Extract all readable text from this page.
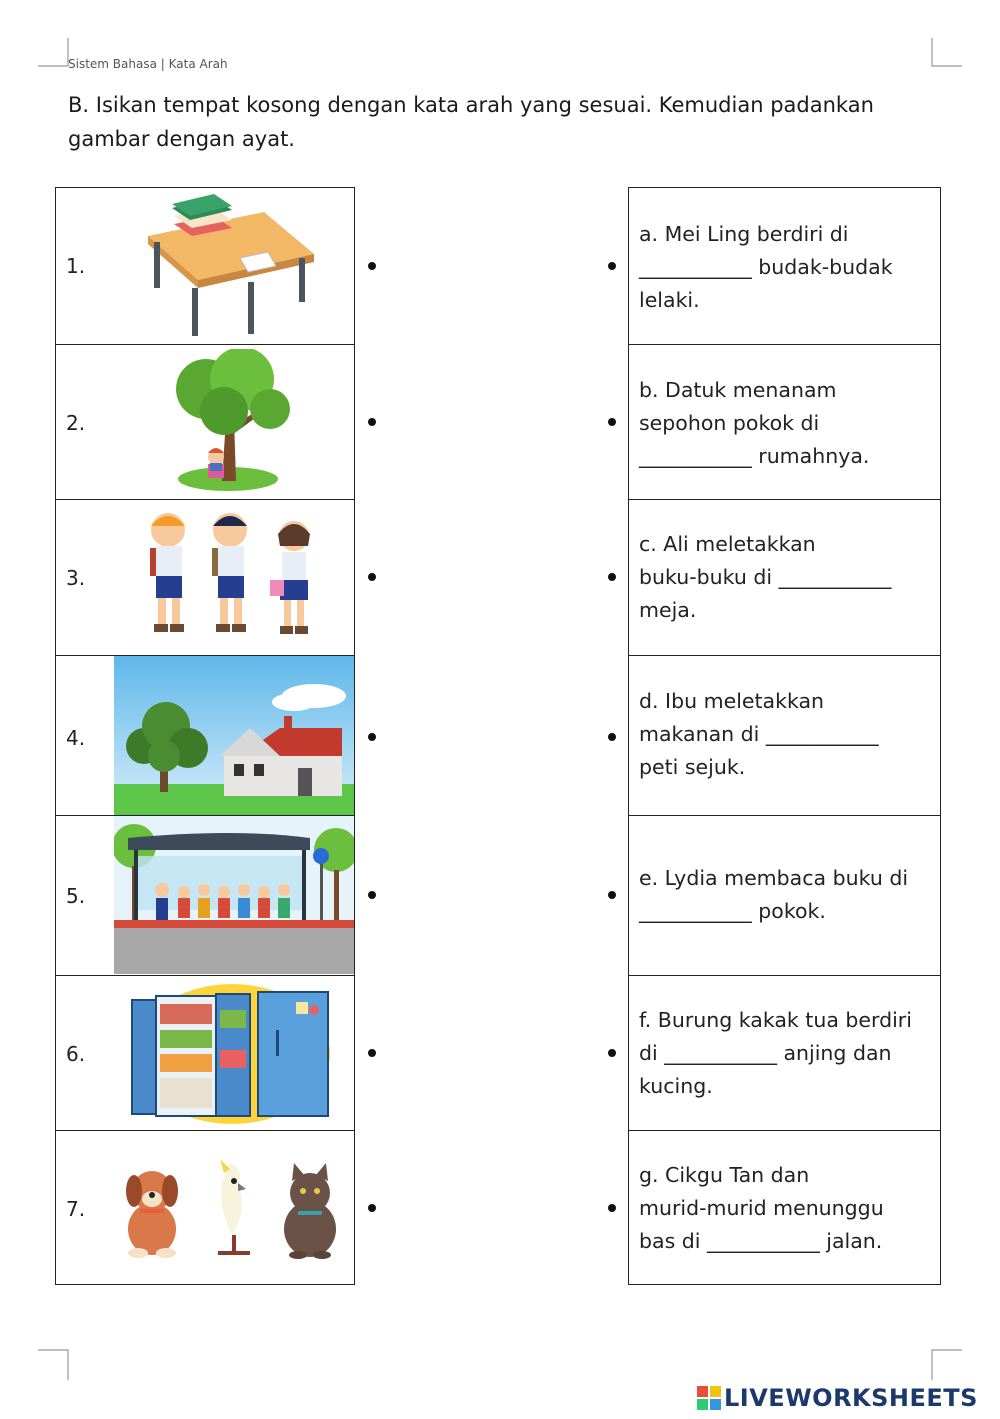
Sistem Bahasa | Kata Arah
B. Isikan tempat kosong dengan kata arah yang sesuai. Kemudian padankan gambar dengan ayat.
1.
2.
3.
4.
5.
6.
7.
a. Mei Ling berdiri di
___________ budak-budak
lelaki.
b. Datuk menanam
sepohon pokok di
___________ rumahnya.
c. Ali meletakkan
buku-buku di ___________
meja.
d. Ibu meletakkan
makanan di ___________
peti sejuk.
e. Lydia membaca buku di
___________ pokok.
f. Burung kakak tua berdiri
di ___________ anjing dan
kucing.
g. Cikgu Tan dan
murid-murid menunggu
bas di ___________ jalan.
LIVEWORKSHEETS
